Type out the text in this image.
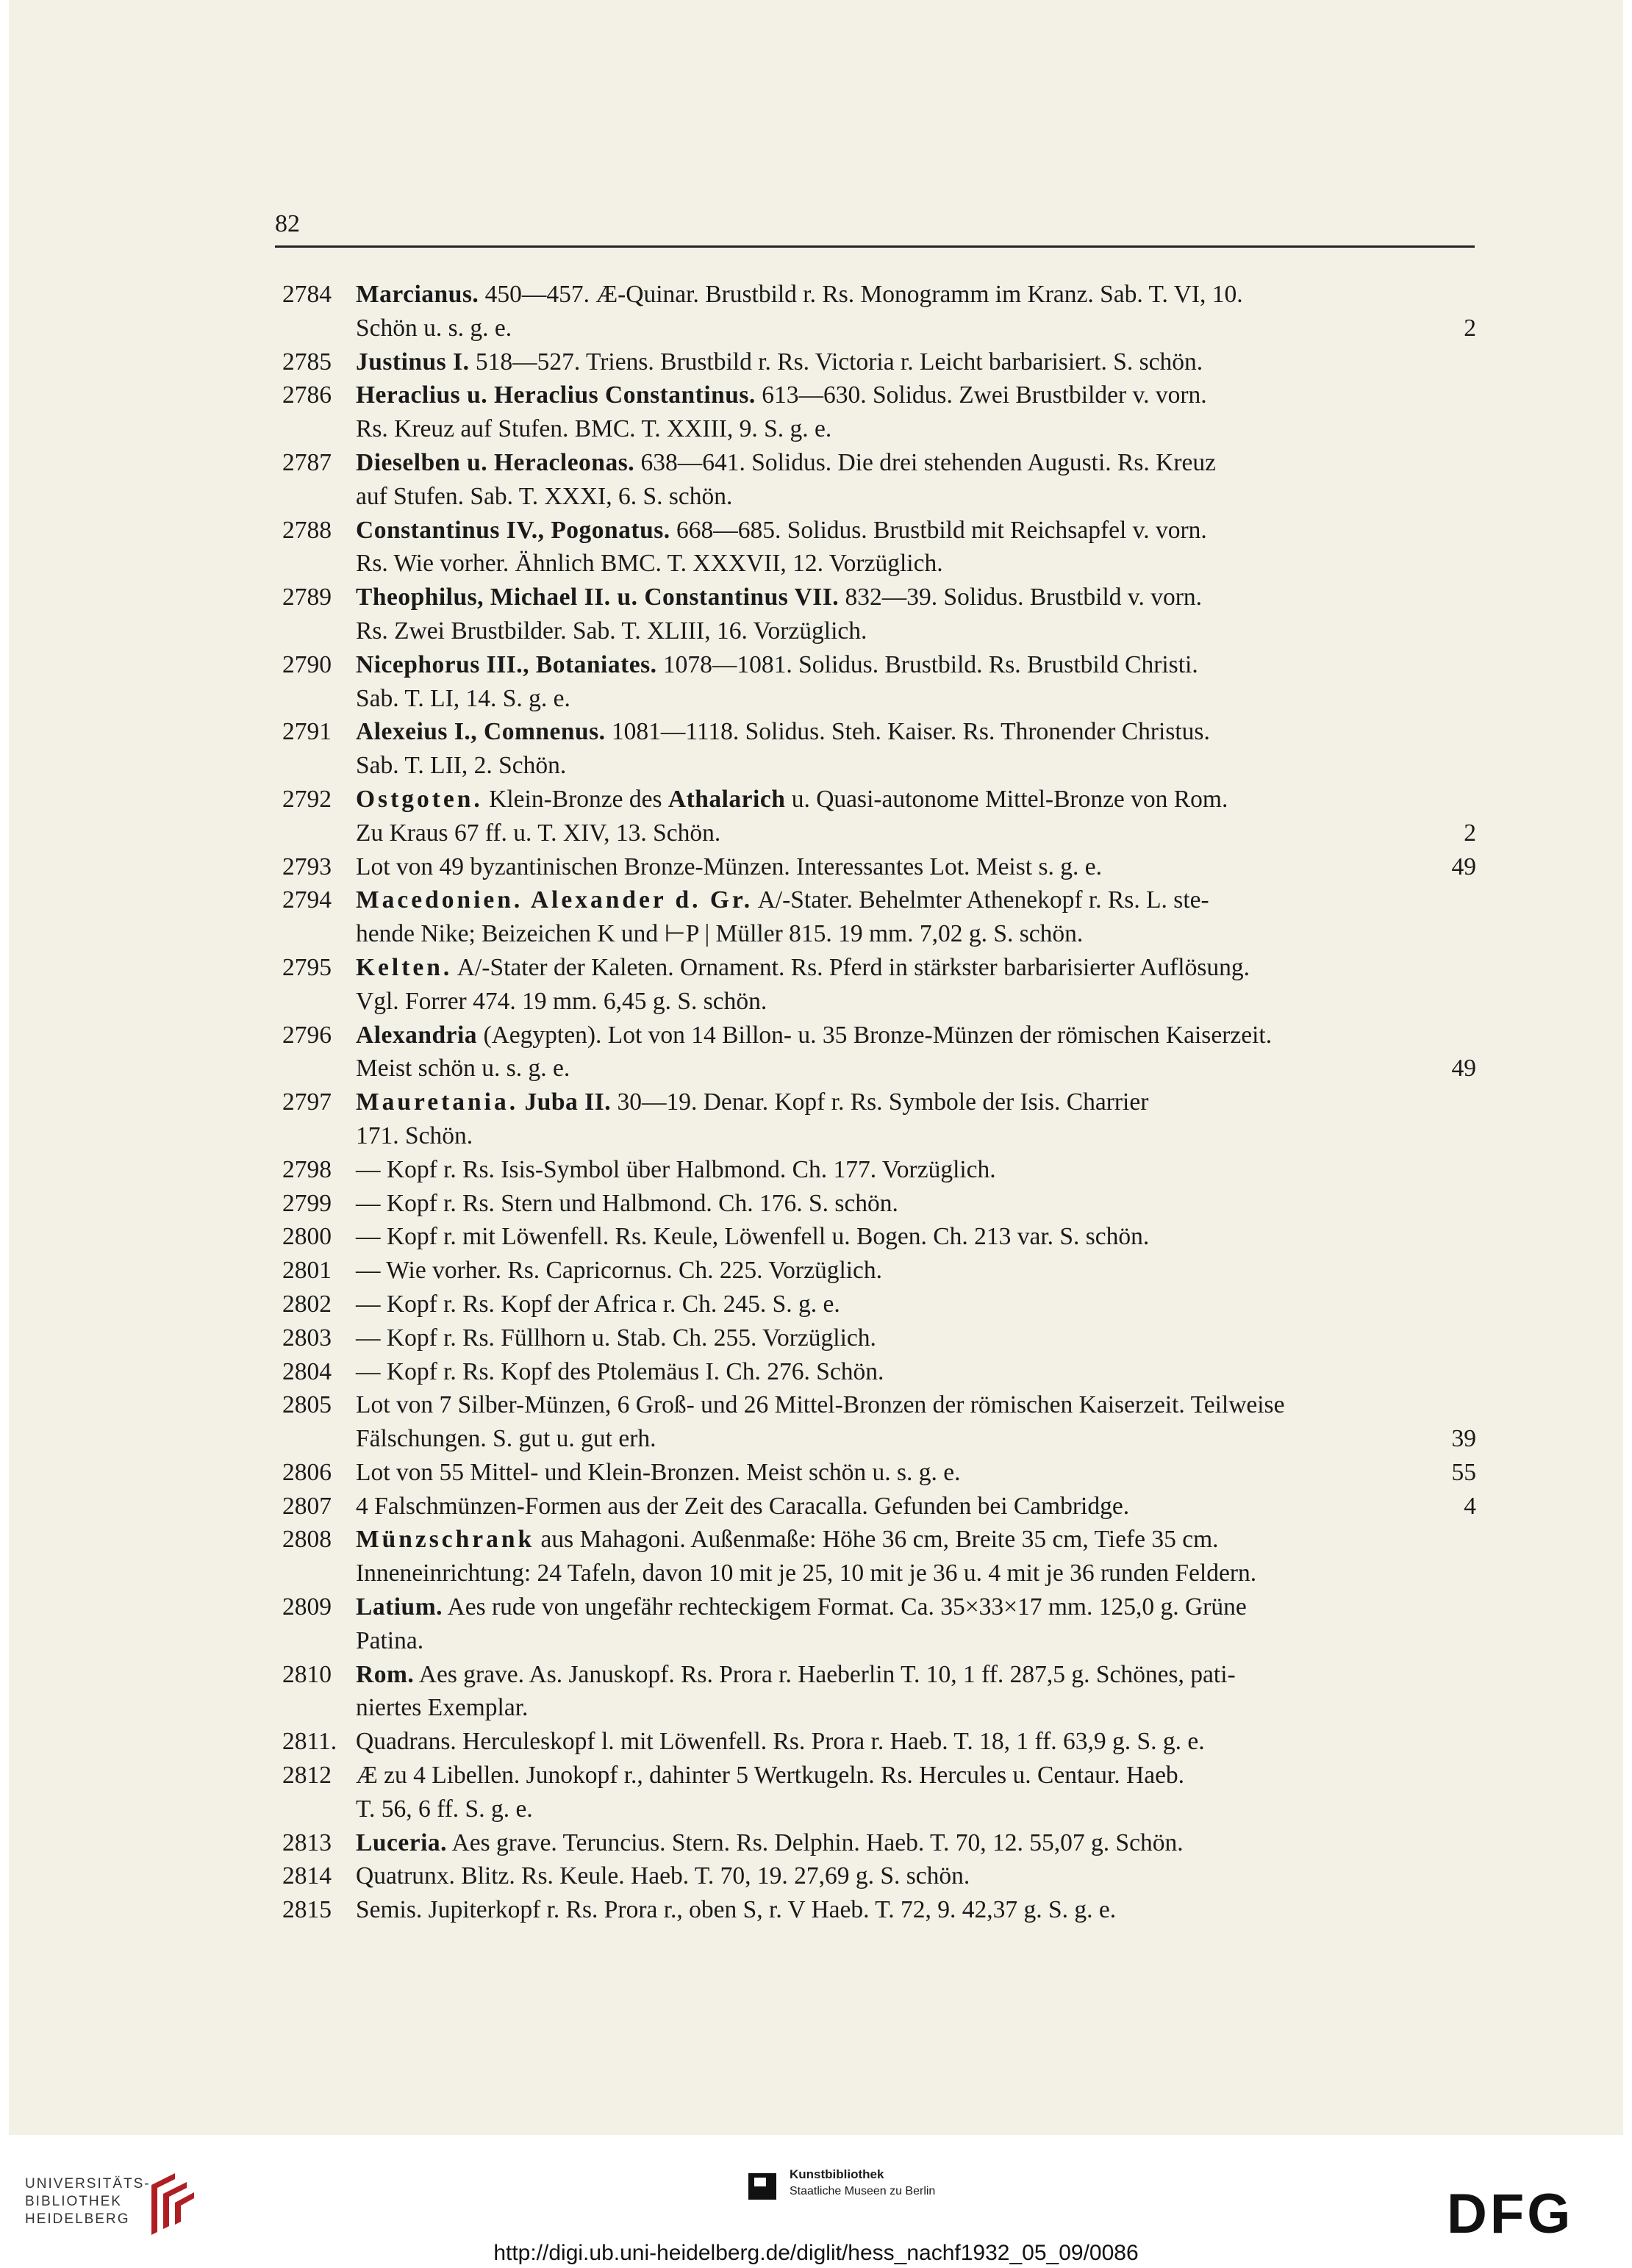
82
2784 Marcianus. 450—457. Æ-Quinar. Brustbild r. Rs. Monogramm im Kranz. Sab. T. VI, 10.
Schön u. s. g. e.	2
2785 Justinus I. 518—527. Triens. Brustbild r. Rs. Victoria r. Leicht barbarisiert. S. schön.
2786 Heraclius u. Heraclius Constantinus. 613—630. Solidus. Zwei Brustbilder v. vorn.
Rs. Kreuz auf Stufen. BMC. T. XXIII, 9. S. g. e.
2787 Dieselben u. Heracleonas. 638—641. Solidus. Die drei stehenden Augusti. Rs. Kreuz
auf Stufen. Sab. T. XXXI, 6. S. schön.
2788 Constantinus IV., Pogonatus. 668—685. Solidus. Brustbild mit Reichsapfel v. vorn.
Rs. Wie vorher. Ähnlich BMC. T. XXXVII, 12. Vorzüglich.
2789 Theophilus, Michael II. u. Constantinus VII. 832—39. Solidus. Brustbild v. vorn.
Rs. Zwei Brustbilder. Sab. T. XLIII, 16. Vorzüglich.
2790 Nicephorus III., Botaniates. 1078—1081. Solidus. Brustbild. Rs. Brustbild Christi.
Sab. T. LI, 14. S. g. e.
2791 Alexeius I., Comnenus. 1081—1118. Solidus. Steh. Kaiser. Rs. Thronender Christus.
Sab. T. LII, 2. Schön.
2792 Ostgoten. Klein-Bronze des Athalarich u. Quasi-autonome Mittel-Bronze von Rom.
Zu Kraus 67 ff. u. T. XIV, 13. Schön.	2
2793 Lot von 49 byzantinischen Bronze-Münzen. Interessantes Lot. Meist s. g. e.	49
2794 Macedonien. Alexander d. Gr. A/-Stater. Behelmter Athenekopf r. Rs. L. ste-
hende Nike; Beizeichen K und ⊢P | Müller 815. 19 mm. 7,02 g. S. schön.
2795 Kelten. A/-Stater der Kaleten. Ornament. Rs. Pferd in stärkster barbarisierter Auflösung.
Vgl. Forrer 474. 19 mm. 6,45 g. S. schön.
2796 Alexandria (Aegypten). Lot von 14 Billon- u. 35 Bronze-Münzen der römischen Kaiserzeit.
Meist schön u. s. g. e.	49
2797 Mauretania. Juba II. 30—19. Denar. Kopf r. Rs. Symbole der Isis. Charrier
171. Schön.
2798 — Kopf r. Rs. Isis-Symbol über Halbmond. Ch. 177. Vorzüglich.
2799 — Kopf r. Rs. Stern und Halbmond. Ch. 176. S. schön.
2800 — Kopf r. mit Löwenfell. Rs. Keule, Löwenfell u. Bogen. Ch. 213 var. S. schön.
2801 — Wie vorher. Rs. Capricornus. Ch. 225. Vorzüglich.
2802 — Kopf r. Rs. Kopf der Africa r. Ch. 245. S. g. e.
2803 — Kopf r. Rs. Füllhorn u. Stab. Ch. 255. Vorzüglich.
2804 — Kopf r. Rs. Kopf des Ptolemäus I. Ch. 276. Schön.
2805 Lot von 7 Silber-Münzen, 6 Groß- und 26 Mittel-Bronzen der römischen Kaiserzeit. Teilweise
Fälschungen. S. gut u. gut erh.	39
2806 Lot von 55 Mittel- und Klein-Bronzen. Meist schön u. s. g. e.	55
2807 4 Falschmünzen-Formen aus der Zeit des Caracalla. Gefunden bei Cambridge.	4
2808 Münzschrank aus Mahagoni. Außenmaße: Höhe 36 cm, Breite 35 cm, Tiefe 35 cm.
Inneneinrichtung: 24 Tafeln, davon 10 mit je 25, 10 mit je 36 u. 4 mit je 36 runden Feldern.
2809 Latium. Aes rude von ungefähr rechteckigem Format. Ca. 35×33×17 mm. 125,0 g. Grüne
Patina.
2810 Rom. Aes grave. As. Januskopf. Rs. Prora r. Haeberlin T. 10, 1 ff. 287,5 g. Schönes, pati-
niertes Exemplar.
2811. Quadrans. Herculeskopf l. mit Löwenfell. Rs. Prora r. Haeb. T. 18, 1 ff. 63,9 g. S. g. e.
2812 Æ zu 4 Libellen. Junokopf r., dahinter 5 Wertkugeln. Rs. Hercules u. Centaur. Haeb.
T. 56, 6 ff. S. g. e.
2813 Luceria. Aes grave. Teruncius. Stern. Rs. Delphin. Haeb. T. 70, 12. 55,07 g. Schön.
2814 Quatrunx. Blitz. Rs. Keule. Haeb. T. 70, 19. 27,69 g. S. schön.
2815 Semis. Jupiterkopf r. Rs. Prora r., oben S, r. V Haeb. T. 72, 9. 42,37 g. S. g. e.
UNIVERSITÄTS-
BIBLIOTHEK
HEIDELBERG
Kunstbibliothek
Staatliche Museen zu Berlin	DFG
http://digi.ub.uni-heidelberg.de/diglit/hess_nachf1932_05_09/0086
